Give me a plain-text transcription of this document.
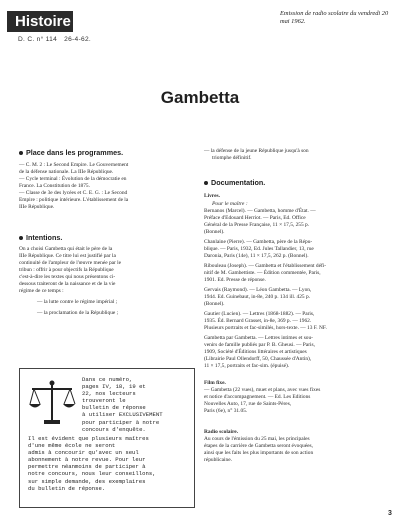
Histoire
D. C. n° 114 26-4-62.
Emission de radio scolaire du vendredi 20 mai 1962.
Gambetta
Place dans les programmes.
— C. M. 2 : Le Second Empire. Le Gouvernement
de la défense nationale. La IIIe République.
— Cycle terminal : Évolution de la démocratie en
France. La Constitution de 1875.
— Classe de 3e des lycées et C. E. G. : Le Second
Empire : politique intérieure. L'établissement de la
IIIe République.
Intentions.
On a choisi Gambetta qui était le père de la
IIIe République. Ce titre lui est justifié par la
continuité de l'ampleur de l'œuvre menée par le
tribun : offrir à pour objectifs la République
c'est-à-dire les textes qui nous présentons ci-
dessous traiteront de la naissance et de la vie
régime de ce temps :
— la lutte contre le régime impérial ;
— la proclamation de la République ;
Dans ce numéro,
pages IV, 18, 19 et
22, nos lecteurs
trouveront le
bulletin de réponse
à utiliser EXCLUSIVEMENT
pour participer à notre
concours d'enquête.
Il est évident que plusieurs maîtres
d'une même école ne seront
admis à concourir qu'avec un seul
abonnement à notre revue. Pour leur
permettre néanmoins de participer à
notre concours, nous leur conseillons,
sur simple demande, des exemplaires
du bulletin de réponse.
— la défense de la jeune République jusqu'à son
triomphe définitif.
Documentation.
Livres.
Pour le maître :
Bernanos (Marcel). — Gambetta, homme d'État. —
Préface d'Edouard Herriot. — Paris, Ed. Office
Général de la Presse Française, 11 × 17,5, 255 p.
(Bonnel).
Chanlaine (Pierre). — Gambetta, père de la Répu-
blique. — Paris, 1932, Ed. Jules Tallandier, 13, rue
Daronia, Paris (14e), 11 × 17,5, 262 p. (Bonnel).
Ribouleau (Joseph). — Gambetta et l'établissement défi-
nitif de M. Gambettiste. — Édition commentée, Paris,
1901. Ed. Presse de réponse.
Gervais (Raymond). — Léon Gambetta. — Lyon,
1944. Ed. Guinebaut, in-8e, 240 p. 134 ill. 425 p.
(Bonnel).
Gautier (Lucien). — Lettres (1868-1882). — Paris,
1935. Éd. Bernard Grasset, in-8e, 369 p. — 1962.
Plusieurs portraits et fac-similés, hors-texte. — 13 F. NF.
Gambetta par Gambetta. — Lettres intimes et sou-
venirs de famille publiés par P. B. Gheusi. — Paris,
1909, Société d'Éditions littéraires et artistiques
(Librairie Paul Ollendorff, 50, Chaussée d'Antin),
11 × 17,5, portraits et fac-sim. (épuisé).
Film fixe.
— Gambetta (22 vues), muet et plans, avec vues fixes
et notice d'accompagnement. — Ed. Les Editions
Nouvelles Auto, 17, rue de Saints-Pères,
Paris (6e), n° 31.05.
Radio scolaire.
Au cours de l'émission du 25 mai, les principales
étapes de la carrière de Gambetta seront évoquées,
ainsi que les faits les plus importants de son action
républicaine.
3
